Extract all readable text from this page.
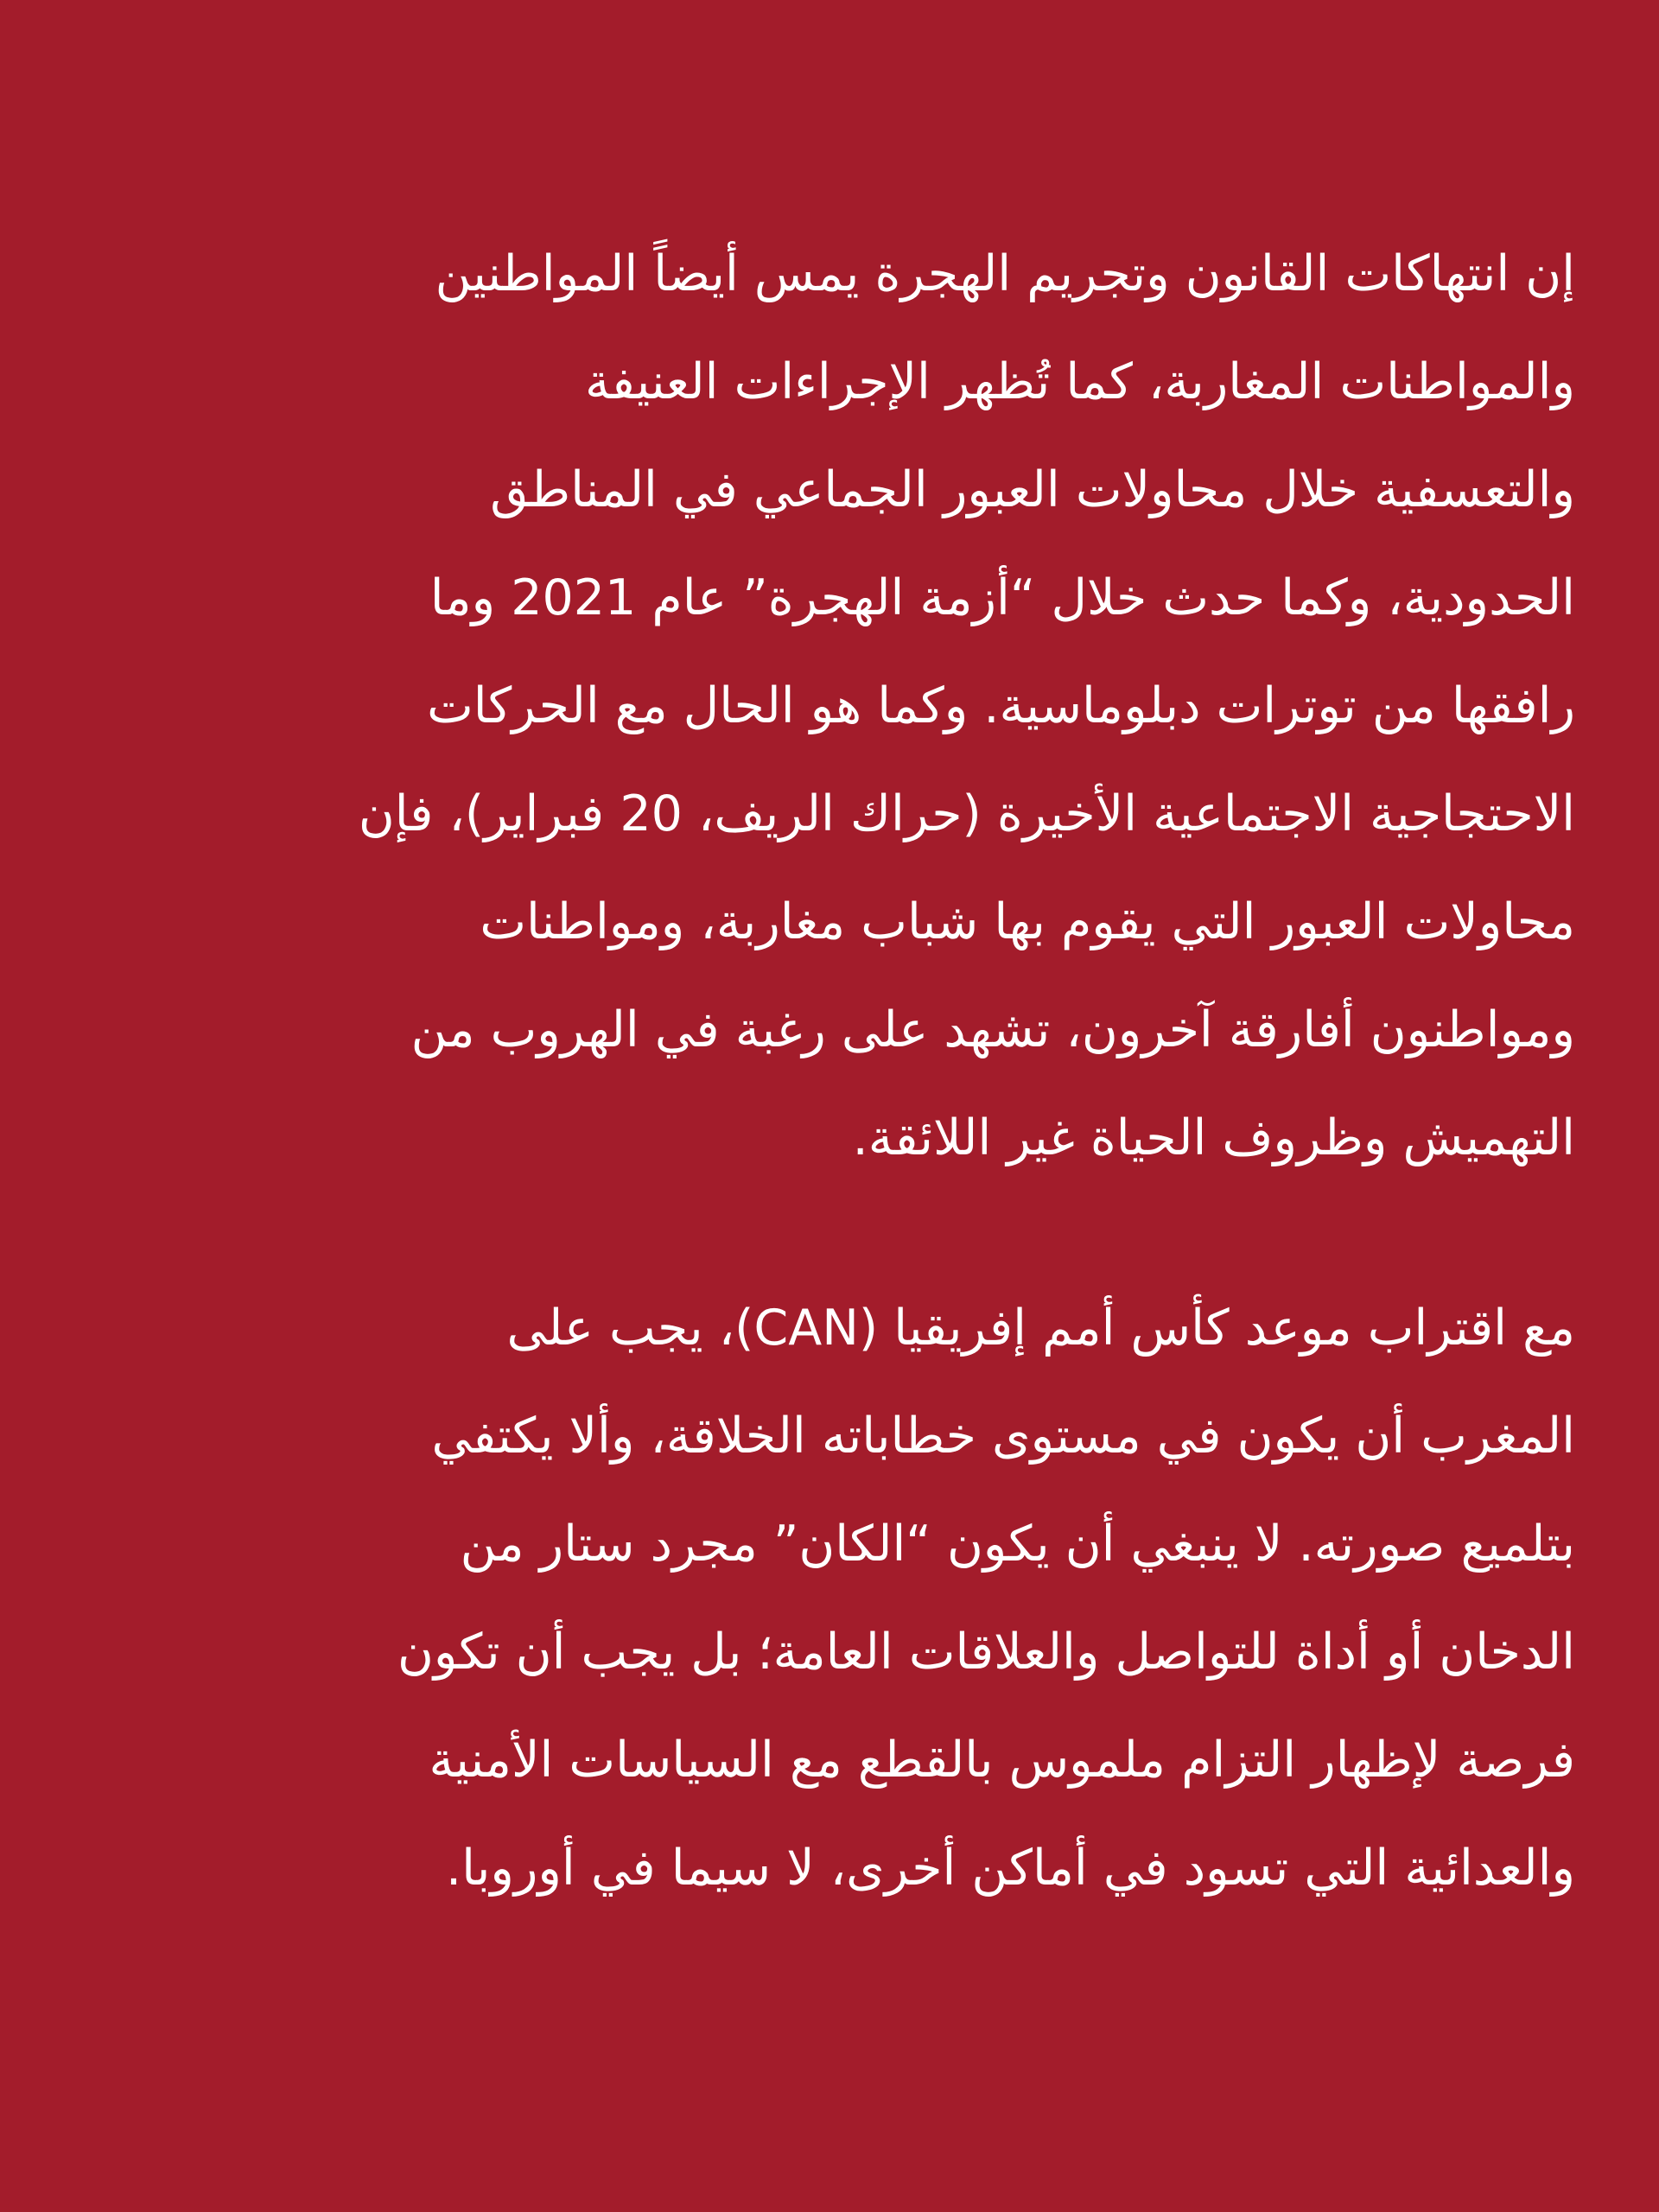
إن انتهاكات القانون وتجريم الهجرة يمس أيضاً المواطنين
والمواطنات المغاربة، كما تُظهر الإجراءات العنيفة
والتعسفية خلال محاولات العبور الجماعي في المناطق
الحدودية، وكما حدث خلال “أزمة الهجرة” عام 2021 وما
رافقها من توترات دبلوماسية. وكما هو الحال مع الحركات
الاحتجاجية الاجتماعية الأخيرة (حراك الريف، 20 فبراير)، فإن
محاولات العبور التي يقوم بها شباب مغاربة، ومواطنات
ومواطنون أفارقة آخرون، تشهد على رغبة في الهروب من
التهميش وظروف الحياة غير اللائقة.
مع اقتراب موعد كأس أمم إفريقيا (CAN)، يجب على
المغرب أن يكون في مستوى خطاباته الخلاقة، وألا يكتفي
بتلميع صورته. لا ينبغي أن يكون “الكان” مجرد ستار من
الدخان أو أداة للتواصل والعلاقات العامة؛ بل يجب أن تكون
فرصة لإظهار التزام ملموس بالقطع مع السياسات الأمنية
والعدائية التي تسود في أماكن أخرى، لا سيما في أوروبا.
